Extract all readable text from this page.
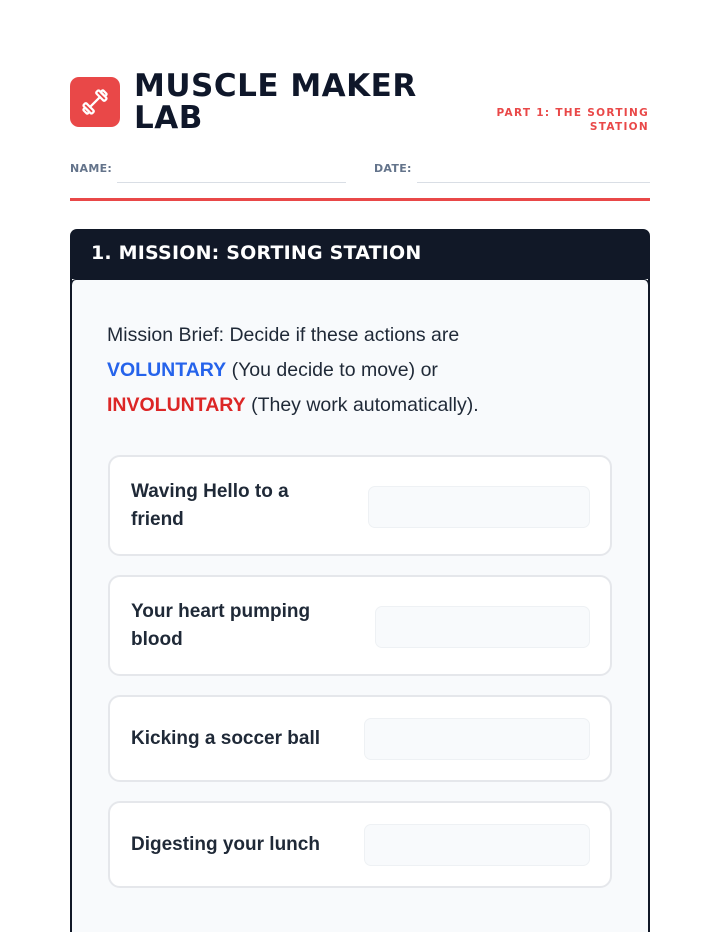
MUSCLE MAKER
LAB	PART 1: THE SORTING
STATION
NAME:	DATE:
1. MISSION: SORTING STATION
Mission Brief: Decide if these actions are
VOLUNTARY (You decide to move) or
INVOLUNTARY (They work automatically).
Waving Hello to a
friend
Your heart pumping
blood
Kicking a soccer ball
Digesting your lunch
